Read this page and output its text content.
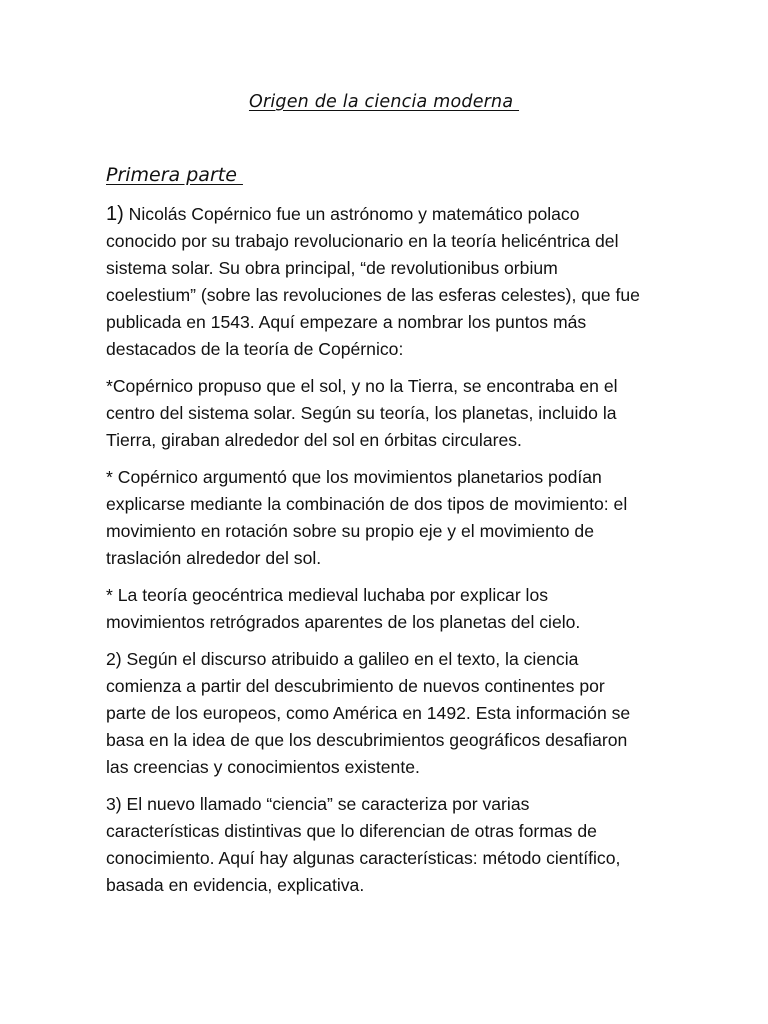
Origen de la ciencia moderna
Primera parte

1) Nicolás Copérnico fue un astrónomo y matemático polaco
conocido por su trabajo revolucionario en la teoría helicéntrica del
sistema solar. Su obra principal, “de revolutionibus orbium
coelestium” (sobre las revoluciones de las esferas celestes), que fue
publicada en 1543. Aquí empezare a nombrar los puntos más
destacados de la teoría de Copérnico:

*Copérnico propuso que el sol, y no la Tierra, se encontraba en el
centro del sistema solar. Según su teoría, los planetas, incluido la
Tierra, giraban alrededor del sol en órbitas circulares.

* Copérnico argumentó que los movimientos planetarios podían
explicarse mediante la combinación de dos tipos de movimiento: el
movimiento en rotación sobre su propio eje y el movimiento de
traslación alrededor del sol.

* La teoría geocéntrica medieval luchaba por explicar los
movimientos retrógrados aparentes de los planetas del cielo.

2) Según el discurso atribuido a galileo en el texto, la ciencia
comienza a partir del descubrimiento de nuevos continentes por
parte de los europeos, como América en 1492. Esta información se
basa en la idea de que los descubrimientos geográficos desafiaron
las creencias y conocimientos existente.

3) El nuevo llamado “ciencia” se caracteriza por varias
características distintivas que lo diferencian de otras formas de
conocimiento. Aquí hay algunas características: método científico,
basada en evidencia, explicativa.
